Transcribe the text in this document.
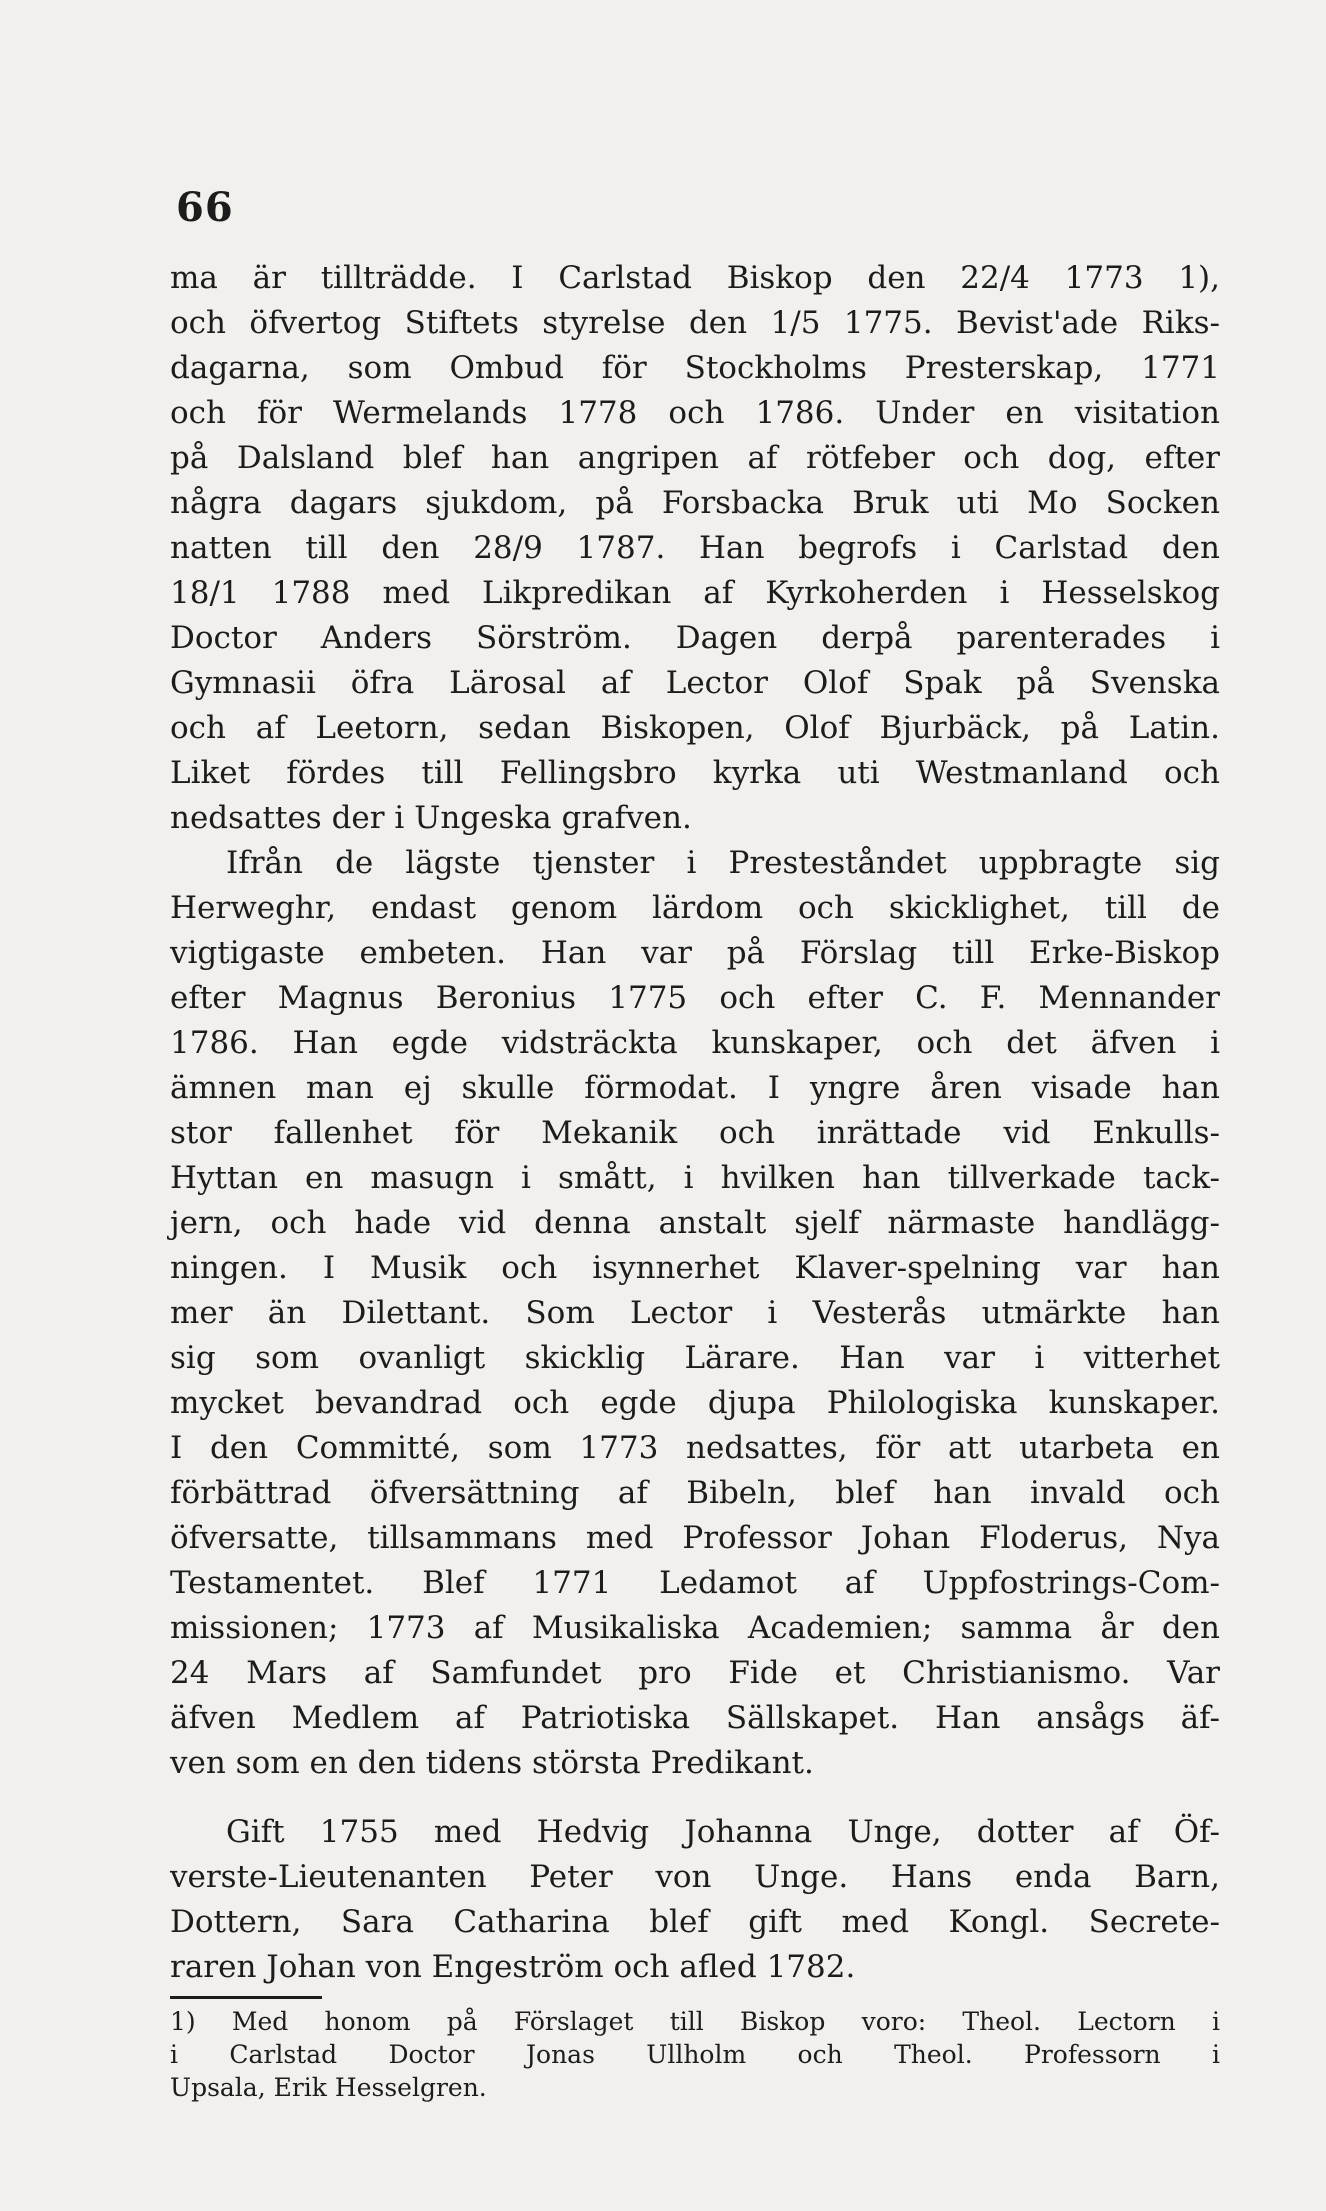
66
ma är tillträdde. I Carlstad Biskop den 22/4 1773 1),
och öfvertog Stiftets styrelse den 1/5 1775. Bevist'ade Riks-
dagarna, som Ombud för Stockholms Presterskap, 1771
och för Wermelands 1778 och 1786. Under en visitation
på Dalsland blef han angripen af rötfeber och dog, efter
några dagars sjukdom, på Forsbacka Bruk uti Mo Socken
natten till den 28/9 1787. Han begrofs i Carlstad den
18/1 1788 med Likpredikan af Kyrkoherden i Hesselskog
Doctor Anders Sörström. Dagen derpå parenterades i
Gymnasii öfra Lärosal af Lector Olof Spak på Svenska
och af Leetorn, sedan Biskopen, Olof Bjurbäck, på Latin.
Liket fördes till Fellingsbro kyrka uti Westmanland och
nedsattes der i Ungeska grafven.
Ifrån de lägste tjenster i Presteståndet uppbragte sig
Herweghr, endast genom lärdom och skicklighet, till de
vigtigaste embeten. Han var på Förslag till Erke-Biskop
efter Magnus Beronius 1775 och efter C. F. Mennander
1786. Han egde vidsträckta kunskaper, och det äfven i
ämnen man ej skulle förmodat. I yngre åren visade han
stor fallenhet för Mekanik och inrättade vid Enkulls-
Hyttan en masugn i smått, i hvilken han tillverkade tack-
jern, och hade vid denna anstalt sjelf närmaste handlägg-
ningen. I Musik och isynnerhet Klaver-spelning var han
mer än Dilettant. Som Lector i Vesterås utmärkte han
sig som ovanligt skicklig Lärare. Han var i vitterhet
mycket bevandrad och egde djupa Philologiska kunskaper.
I den Committé, som 1773 nedsattes, för att utarbeta en
förbättrad öfversättning af Bibeln, blef han invald och
öfversatte, tillsammans med Professor Johan Floderus, Nya
Testamentet. Blef 1771 Ledamot af Uppfostrings-Com-
missionen; 1773 af Musikaliska Academien; samma år den
24 Mars af Samfundet pro Fide et Christianismo. Var
äfven Medlem af Patriotiska Sällskapet. Han ansågs äf-
ven som en den tidens största Predikant.
Gift 1755 med Hedvig Johanna Unge, dotter af Öf-
verste-Lieutenanten Peter von Unge. Hans enda Barn,
Dottern, Sara Catharina blef gift med Kongl. Secrete-
raren Johan von Engeström och afled 1782.
1) Med honom på Förslaget till Biskop voro: Theol. Lectorn i
i Carlstad Doctor Jonas Ullholm och Theol. Professorn i
Upsala, Erik Hesselgren.
